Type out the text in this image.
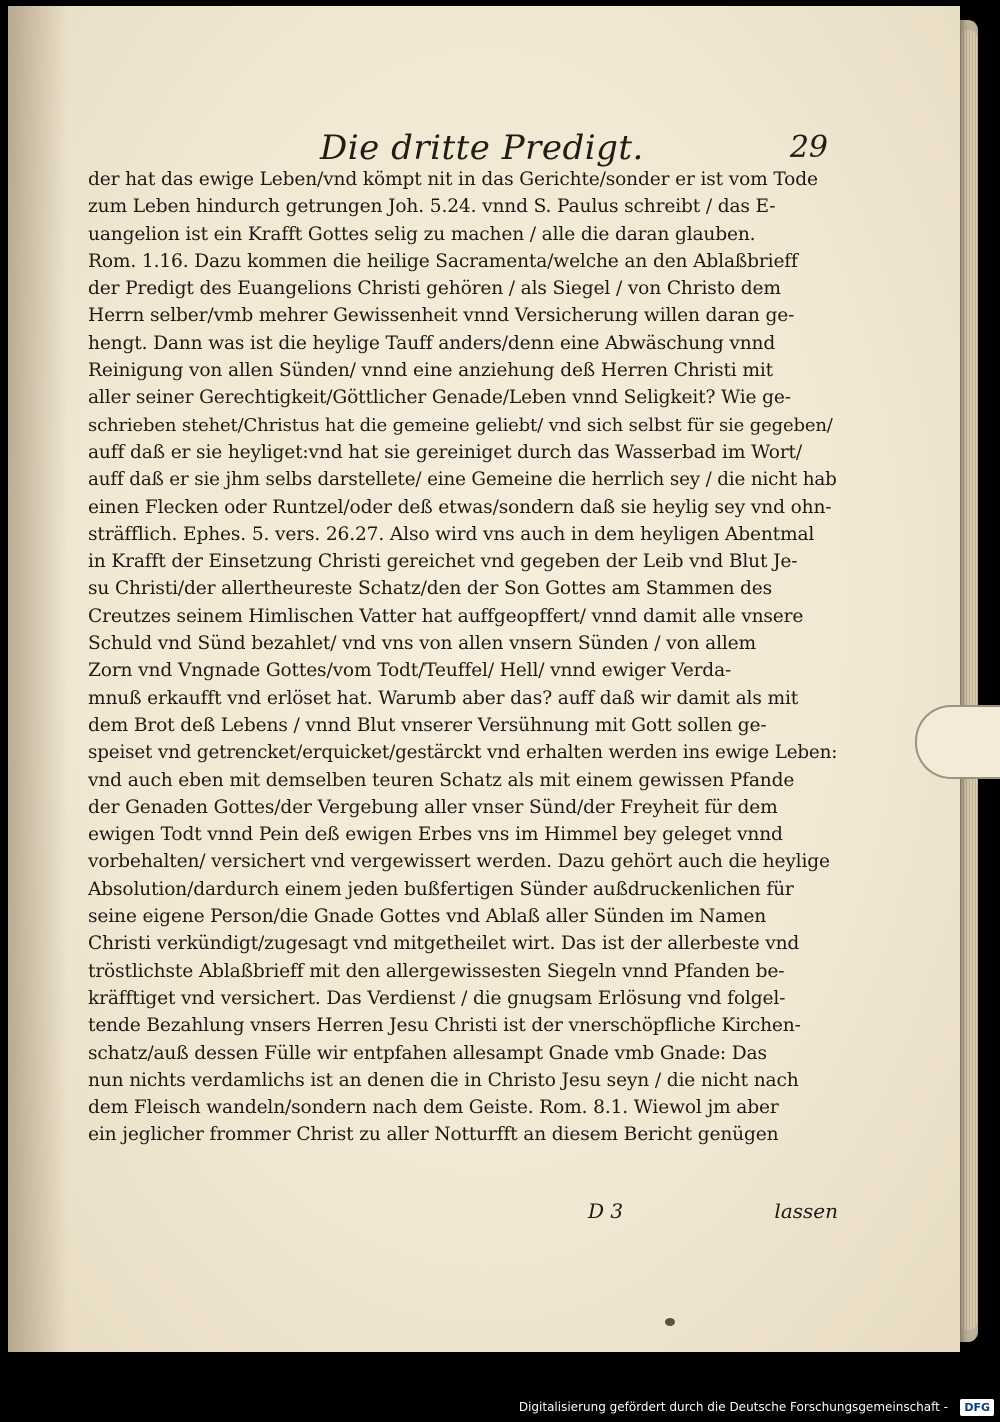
Die dritte Predigt.	29
der hat das ewige Leben/vnd kömpt nit in das Gerichte/sonder er ist vom Tode
zum Leben hindurch getrungen Joh. 5.24. vnnd S. Paulus schreibt / das E-
uangelion ist ein Krafft Gottes selig zu machen / alle die daran glauben.
Rom. 1.16. Dazu kommen die heilige Sacramenta/welche an den Ablaßbrieff
der Predigt des Euangelions Christi gehören / als Siegel / von Christo dem
Herrn selber/vmb mehrer Gewissenheit vnnd Versicherung willen daran ge-
hengt. Dann was ist die heylige Tauff anders/denn eine Abwäschung vnnd
Reinigung von allen Sünden/ vnnd eine anziehung deß Herren Christi mit
aller seiner Gerechtigkeit/Göttlicher Genade/Leben vnnd Seligkeit? Wie ge-
schrieben stehet/Christus hat die gemeine geliebt/ vnd sich selbst für sie gegeben/
auff daß er sie heyliget:vnd hat sie gereiniget durch das Wasserbad im Wort/
auff daß er sie jhm selbs darstellete/ eine Gemeine die herrlich sey / die nicht hab
einen Flecken oder Runtzel/oder deß etwas/sondern daß sie heylig sey vnd ohn-
sträfflich. Ephes. 5. vers. 26.27. Also wird vns auch in dem heyligen Abentmal
in Krafft der Einsetzung Christi gereichet vnd gegeben der Leib vnd Blut Je-
su Christi/der allertheureste Schatz/den der Son Gottes am Stammen des
Creutzes seinem Himlischen Vatter hat auffgeopffert/ vnnd damit alle vnsere
Schuld vnd Sünd bezahlet/ vnd vns von allen vnsern Sünden / von allem
Zorn vnd Vngnade Gottes/vom Todt/Teuffel/ Hell/ vnnd ewiger Verda-
mnuß erkaufft vnd erlöset hat. Warumb aber das? auff daß wir damit als mit
dem Brot deß Lebens / vnnd Blut vnserer Versühnung mit Gott sollen ge-
speiset vnd getrencket/erquicket/gestärckt vnd erhalten werden ins ewige Leben:
vnd auch eben mit demselben teuren Schatz als mit einem gewissen Pfande
der Genaden Gottes/der Vergebung aller vnser Sünd/der Freyheit für dem
ewigen Todt vnnd Pein deß ewigen Erbes vns im Himmel bey geleget vnnd
vorbehalten/ versichert vnd vergewissert werden. Dazu gehört auch die heylige
Absolution/dardurch einem jeden bußfertigen Sünder außdruckenlichen für
seine eigene Person/die Gnade Gottes vnd Ablaß aller Sünden im Namen
Christi verkündigt/zugesagt vnd mitgetheilet wirt. Das ist der allerbeste vnd
tröstlichste Ablaßbrieff mit den allergewissesten Siegeln vnnd Pfanden be-
kräfftiget vnd versichert. Das Verdienst / die gnugsam Erlösung vnd folgel-
tende Bezahlung vnsers Herren Jesu Christi ist der vnerschöpfliche Kirchen-
schatz/auß dessen Fülle wir entpfahen allesampt Gnade vmb Gnade: Das
nun nichts verdamlichs ist an denen die in Christo Jesu seyn / die nicht nach
dem Fleisch wandeln/sondern nach dem Geiste. Rom. 8.1. Wiewol jm aber
ein jeglicher frommer Christ zu aller Notturfft an diesem Bericht genügen
D 3	lassen
Digitalisierung gefördert durch die Deutsche Forschungsgemeinschaft -	DFG
